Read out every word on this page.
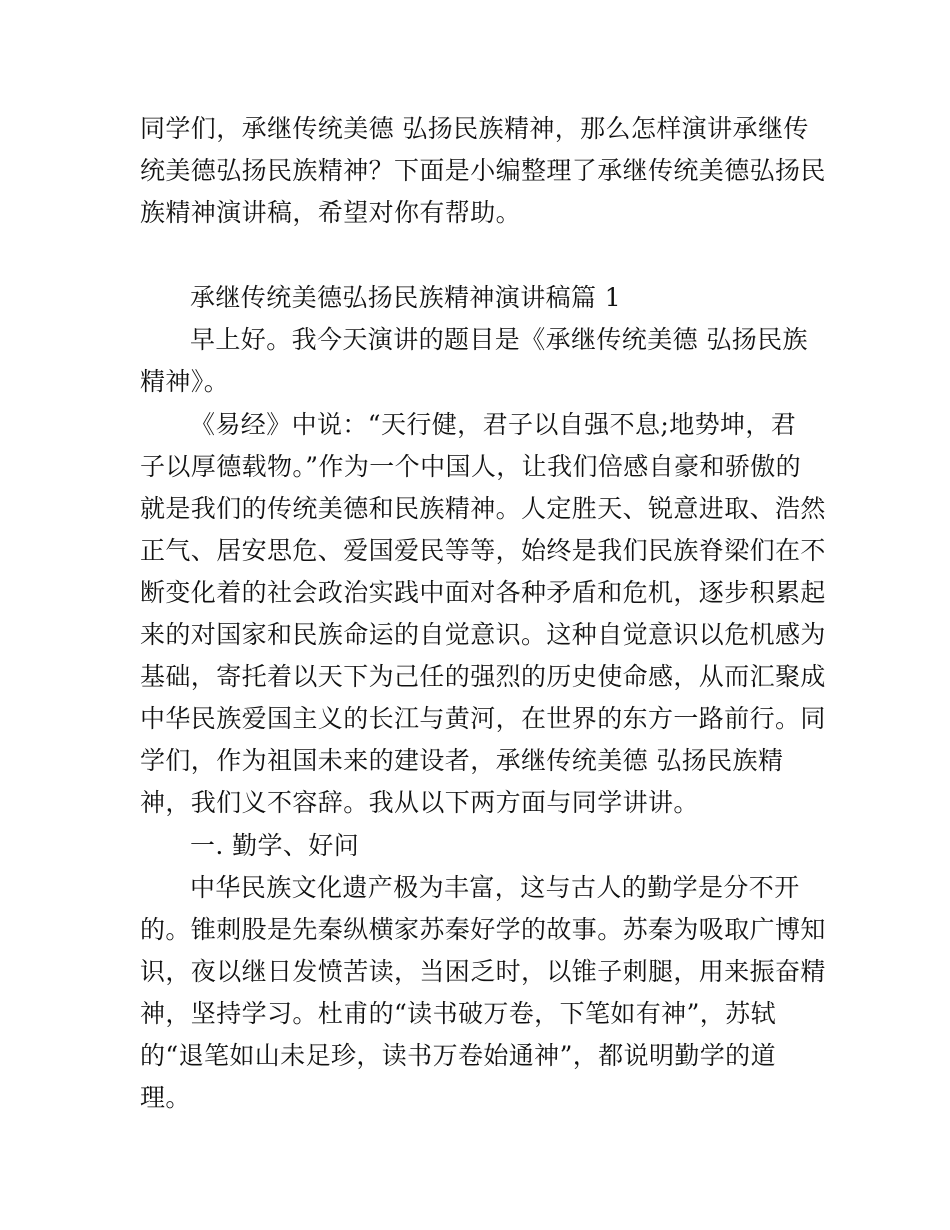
同学们，承继传统美德 弘扬民族精神，那么怎样演讲承继传
统美德弘扬民族精神？下面是小编整理了承继传统美德弘扬民
族精神演讲稿，希望对你有帮助。
承继传统美德弘扬民族精神演讲稿篇 1
早上好。我今天演讲的题目是《承继传统美德 弘扬民族
精神》。
《易经》中说：“天行健，君子以自强不息;地势坤，君
子以厚德载物。”作为一个中国人，让我们倍感自豪和骄傲的
就是我们的传统美德和民族精神。人定胜天、锐意进取、浩然
正气、居安思危、爱国爱民等等，始终是我们民族脊梁们在不
断变化着的社会政治实践中面对各种矛盾和危机，逐步积累起
来的对国家和民族命运的自觉意识。这种自觉意识以危机感为
基础，寄托着以天下为己任的强烈的历史使命感，从而汇聚成
中华民族爱国主义的长江与黄河，在世界的东方一路前行。同
学们，作为祖国未来的建设者，承继传统美德 弘扬民族精
神，我们义不容辞。我从以下两方面与同学讲讲。
一. 勤学、好问
中华民族文化遗产极为丰富，这与古人的勤学是分不开
的。锥刺股是先秦纵横家苏秦好学的故事。苏秦为吸取广博知
识，夜以继日发愤苦读，当困乏时，以锥子刺腿，用来振奋精
神，坚持学习。杜甫的“读书破万卷，下笔如有神”，苏轼
的“退笔如山未足珍，读书万卷始通神”，都说明勤学的道
理。
